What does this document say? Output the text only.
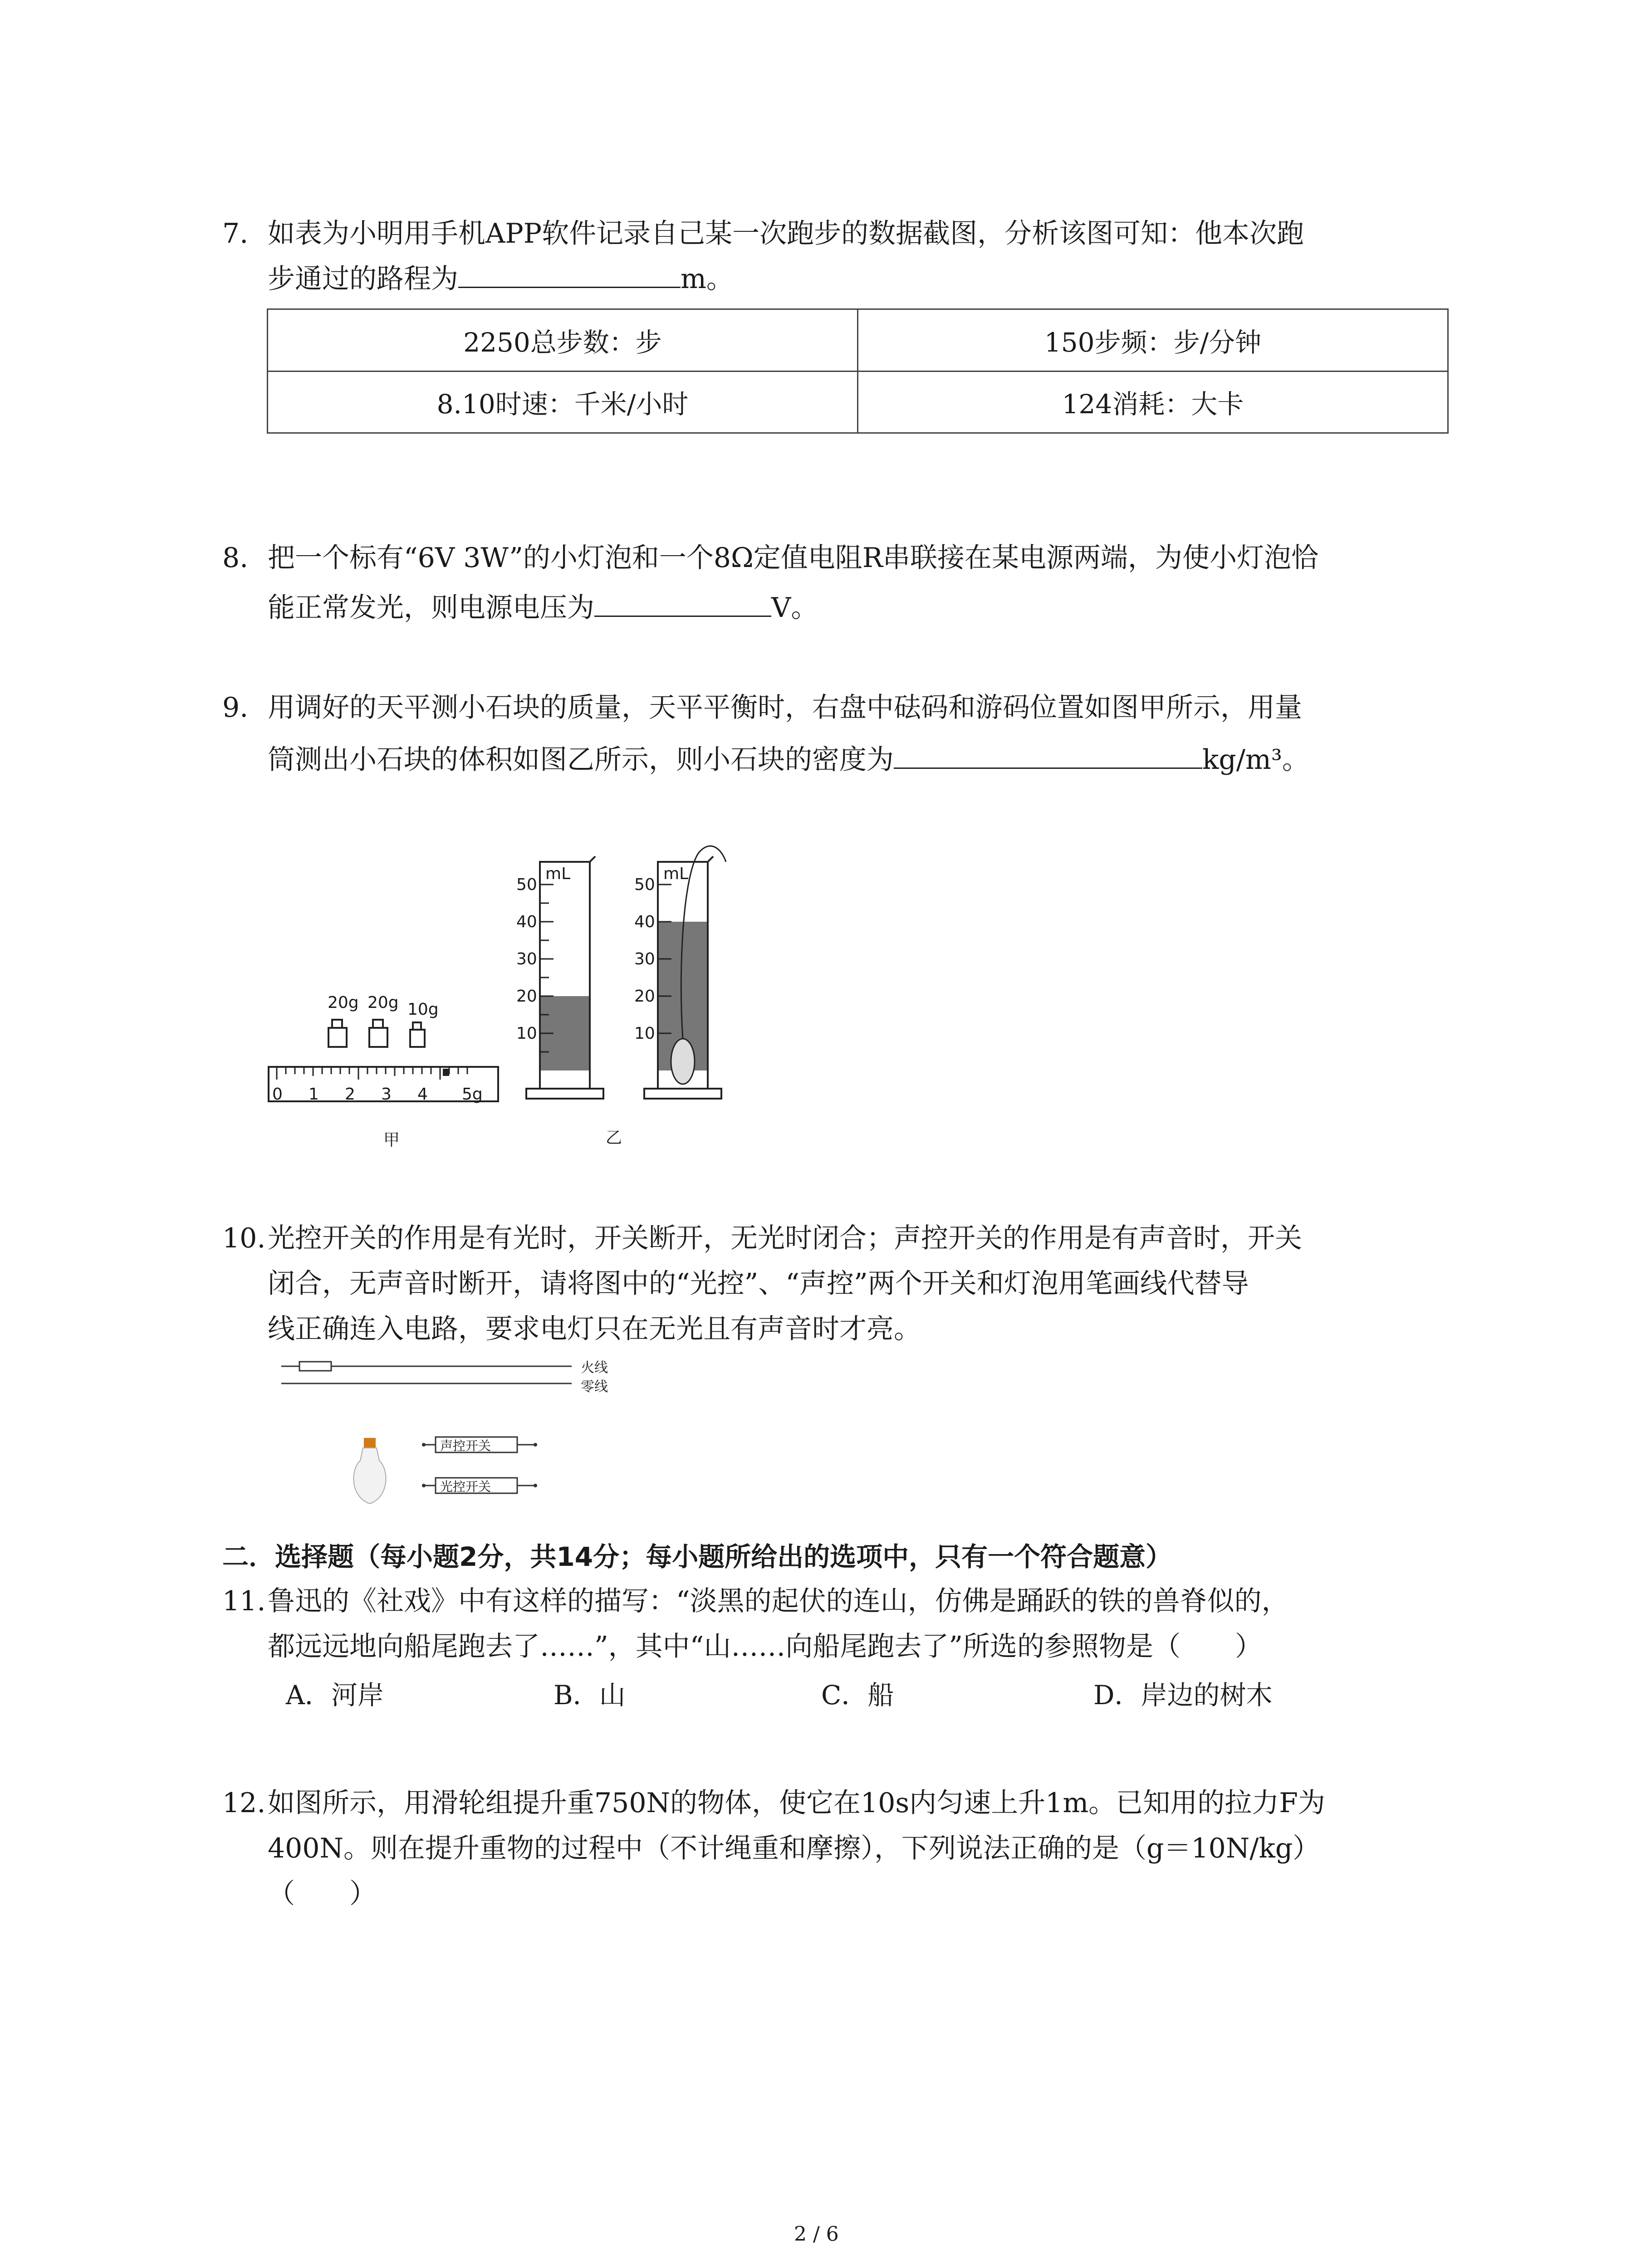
7. 如表为小明用手机APP软件记录自己某一次跑步的数据截图，分析该图可知：他本次跑
步通过的路程为	m。
2250总步数：步	150步频：步/分钟
8.10时速：千米/小时	124消耗：大卡
8. 把一个标有“6V 3W”的小灯泡和一个8Ω定值电阻R串联接在某电源两端，为使小灯泡恰
能正常发光，则电源电压为	V。
9. 用调好的天平测小石块的质量，天平平衡时，右盘中砝码和游码位置如图甲所示，用量
筒测出小石块的体积如图乙所示，则小石块的密度为	kg/m³。
20g 20g 10g
0 1 2 3 4 5g
甲
mL
50
40
30
20
10
mL
50
40
30
20
10
乙
10.光控开关的作用是有光时，开关断开，无光时闭合；声控开关的作用是有声音时，开关
闭合，无声音时断开，请将图中的“光控”、“声控”两个开关和灯泡用笔画线代替导
线正确连入电路，要求电灯只在无光且有声音时才亮。
火线
零线
声控开关
光控开关
二．选择题（每小题2分，共14分；每小题所给出的选项中，只有一个符合题意）
11.鲁迅的《社戏》中有这样的描写：“淡黑的起伏的连山，仿佛是踊跃的铁的兽脊似的，
都远远地向船尾跑去了……”，其中“山……向船尾跑去了”所选的参照物是（　　）
A．河岸	B．山	C．船	D．岸边的树木
12.如图所示，用滑轮组提升重750N的物体，使它在10s内匀速上升1m。已知用的拉力F为
400N。则在提升重物的过程中（不计绳重和摩擦），下列说法正确的是（g＝10N/kg）
（　　）
2 / 6
